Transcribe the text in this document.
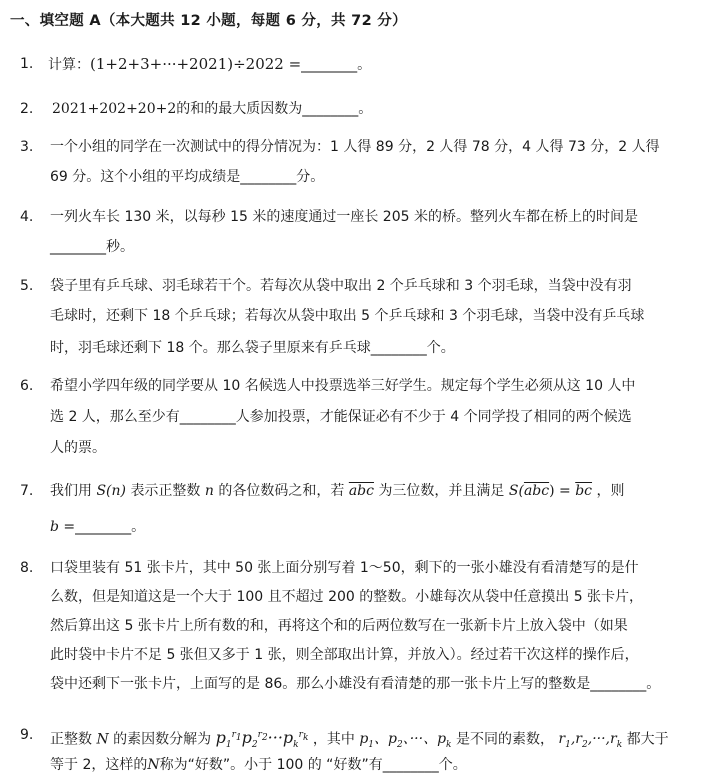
一、填空题 A（本大题共 12 小题，每题 6 分，共 72 分）
1. 计算：(1+2+3+···+2021)÷2022 =________。
2. 2021+202+20+2的和的最大质因数为________。
3. 一个小组的同学在一次测试中的得分情况为：1 人得 89 分，2 人得 78 分，4 人得 73 分，2 人得
69 分。这个小组的平均成绩是________分。
4. 一列火车长 130 米，以每秒 15 米的速度通过一座长 205 米的桥。整列火车都在桥上的时间是
________秒。
5. 袋子里有乒乓球、羽毛球若干个。若每次从袋中取出 2 个乒乓球和 3 个羽毛球，当袋中没有羽
毛球时，还剩下 18 个乒乓球；若每次从袋中取出 5 个乒乓球和 3 个羽毛球，当袋中没有乒乓球
时，羽毛球还剩下 18 个。那么袋子里原来有乒乓球________个。
6. 希望小学四年级的同学要从 10 名候选人中投票选举三好学生。规定每个学生必须从这 10 人中
选 2 人，那么至少有________人参加投票，才能保证必有不少于 4 个同学投了相同的两个候选
人的票。
7. 我们用 S(n) 表示正整数 n 的各位数码之和，若 $\overline{abc}$ 为三位数，并且满足 $S(\overline{abc}) = \overline{bc}$ ，则
b =________。
8. 口袋里装有 51 张卡片，其中 50 张上面分别写着 1～50，剩下的一张小雄没有看清楚写的是什
么数，但是知道这是一个大于 100 且不超过 200 的整数。小雄每次从袋中任意摸出 5 张卡片，
然后算出这 5 张卡片上所有数的和，再将这个和的后两位数写在一张新卡片上放入袋中（如果
此时袋中卡片不足 5 张但又多于 1 张，则全部取出计算，并放入）。经过若干次这样的操作后，
袋中还剩下一张卡片，上面写的是 86。那么小雄没有看清楚的那一张卡片上写的整数是________。
9. 正整数 N 的素因数分解为 $p_1^{r_1}p_2^{r_2}\cdot\cdot\cdot p_k^{r_k}$ ，其中 $p_1$、$p_2$、···、$p_k$ 是不同的素数， $r_1,r_2,\cdot\cdot\cdot,r_k$ 都大于
等于 2，这样的N称为“好数”。小于 100 的 “好数”有________个。
